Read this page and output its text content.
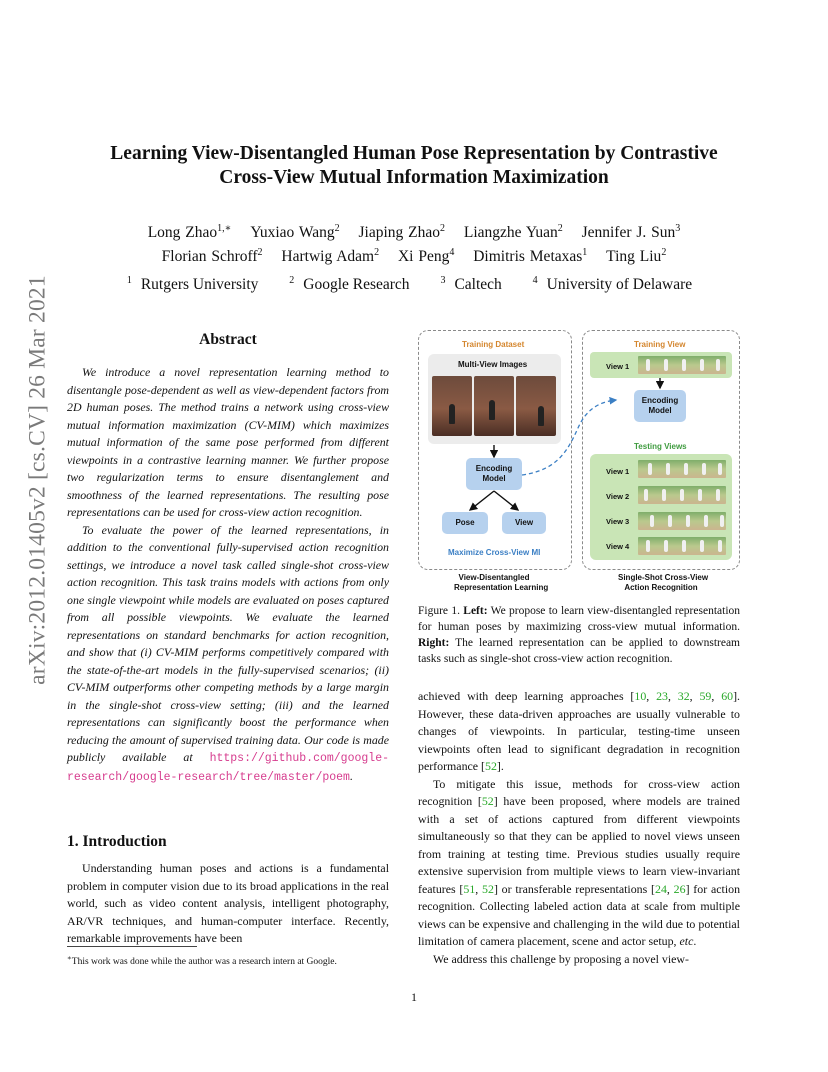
arXiv:2012.01405v2 [cs.CV] 26 Mar 2021
Learning View-Disentangled Human Pose Representation by Contrastive
Cross-View Mutual Information Maximization
Long Zhao$^{1,∗}$ Yuxiao Wang$^2$ Jiaping Zhao$^2$ Liangzhe Yuan$^2$ Jennifer J. Sun$^3$
Florian Schroff$^2$ Hartwig Adam$^2$ Xi Peng$^4$ Dimitris Metaxas$^1$ Ting Liu$^2$
$^1$ Rutgers University	$^2$ Google Research	$^3$ Caltech	$^4$ University of Delaware
Abstract

We introduce a novel representation learning method to disentangle pose-dependent as well as view-dependent factors from 2D human poses. The method trains a network using cross-view mutual information maximization (CV-MIM) which maximizes mutual information of the same pose performed from different viewpoints in a contrastive learning manner. We further propose two regularization terms to ensure disentanglement and smoothness of the learned representations. The resulting pose representations can be used for cross-view action recognition.

To evaluate the power of the learned representations, in addition to the conventional fully-supervised action recognition settings, we introduce a novel task called single-shot cross-view action recognition. This task trains models with actions from only one single viewpoint while models are evaluated on poses captured from all possible viewpoints. We evaluate the learned representations on standard benchmarks for action recognition, and show that (i) CV-MIM performs competitively compared with the state-of-the-art models in the fully-supervised scenarios; (ii) CV-MIM outperforms other competing methods by a large margin in the single-shot cross-view setting; (iii) and the learned representations can significantly boost the performance when reducing the amount of supervised training data. Our code is made publicly available at https://github.com/google-research/google-research/tree/master/poem.

1. Introduction

Understanding human poses and actions is a fundamental problem in computer vision due to its broad applications in the real world, such as video content analysis, intelligent photography, AR/VR techniques, and human-computer interface. Recently, remarkable improvements have been

∗This work was done while the author was a research intern at Google.
Training Dataset	Training View
Multi-View Images
Encoding
Model
Pose	View
Maximize Cross-View MI
View 1
Encoding
Model
Testing Views
View 1
View 2
View 3
View 4
View-Disentangled
Representation Learning
Single-Shot Cross-View
Action Recognition
Figure 1. Left: We propose to learn view-disentangled representation for human poses by maximizing cross-view mutual information. Right: The learned representation can be applied to downstream tasks such as single-shot cross-view action recognition.

achieved with deep learning approaches [10, 23, 32, 59, 60]. However, these data-driven approaches are usually vulnerable to changes of viewpoints. In particular, testing-time unseen viewpoints often lead to significant degradation in recognition performance [52].

To mitigate this issue, methods for cross-view action recognition [52] have been proposed, where models are trained with a set of actions captured from different viewpoints simultaneously so that they can be applied to novel views unseen from training at testing time. Previous studies usually require extensive supervision from multiple views to learn view-invariant features [51, 52] or transferable representations [24, 26] for action recognition. Collecting labeled action data at scale from multiple views can be expensive and challenging in the wild due to potential limitation of camera placement, scene and actor setup, etc.

We address this challenge by proposing a novel view-

1
